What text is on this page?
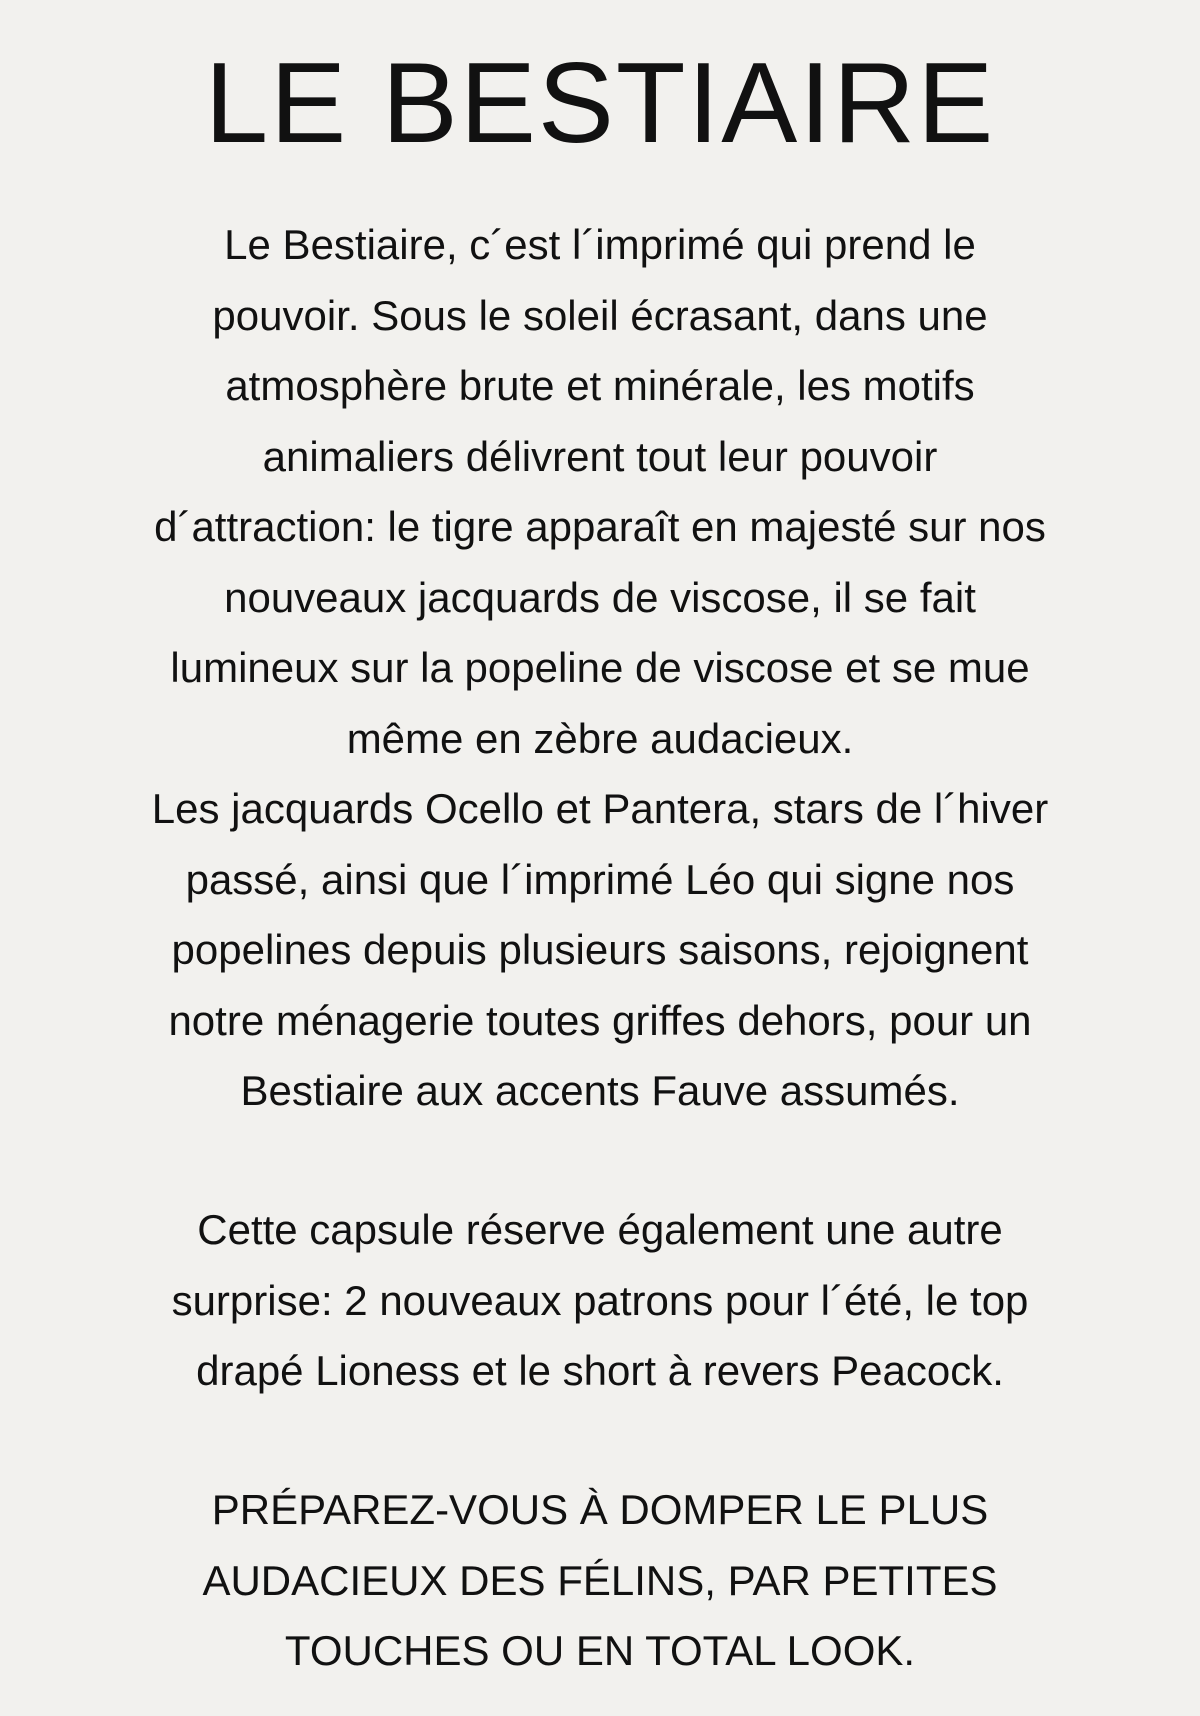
LE BESTIAIRE

Le Bestiaire, c´est l´imprimé qui prend le
pouvoir. Sous le soleil écrasant, dans une
atmosphère brute et minérale, les motifs
animaliers délivrent tout leur pouvoir
d´attraction: le tigre apparaît en majesté sur nos
nouveaux jacquards de viscose, il se fait
lumineux sur la popeline de viscose et se mue
même en zèbre audacieux.
Les jacquards Ocello et Pantera, stars de l´hiver
passé, ainsi que l´imprimé Léo qui signe nos
popelines depuis plusieurs saisons, rejoignent
notre ménagerie toutes griffes dehors, pour un
Bestiaire aux accents Fauve assumés.

Cette capsule réserve également une autre
surprise: 2 nouveaux patrons pour l´été, le top
drapé Lioness et le short à revers Peacock.

PRÉPAREZ-VOUS À DOMPER LE PLUS
AUDACIEUX DES FÉLINS, PAR PETITES
TOUCHES OU EN TOTAL LOOK.
